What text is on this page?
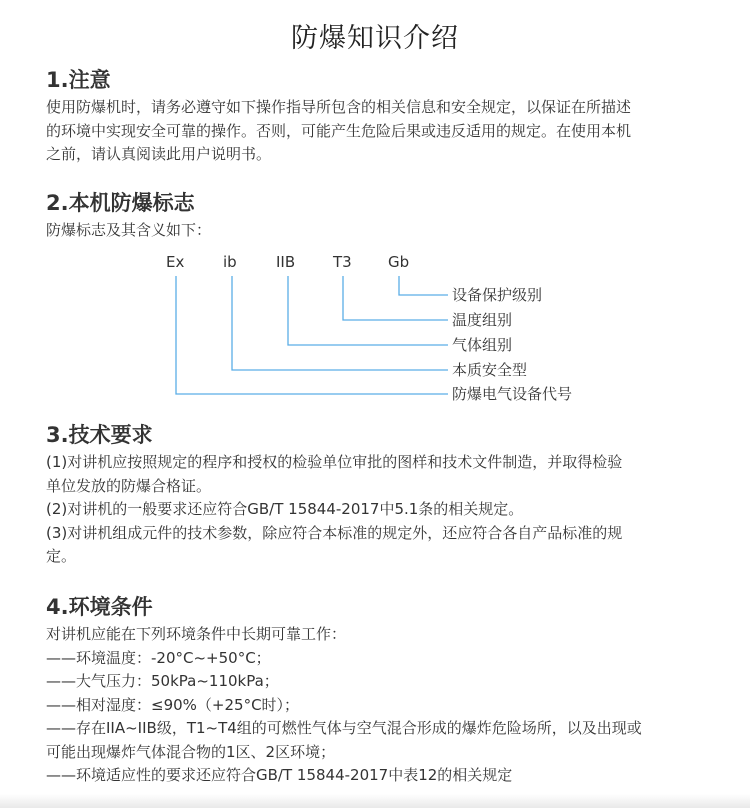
防爆知识介绍
1.注意
使用防爆机时，请务必遵守如下操作指导所包含的相关信息和安全规定，以保证在所描述
的环境中实现安全可靠的操作。否则，可能产生危险后果或违反适用的规定。在使用本机
之前，请认真阅读此用户说明书。
2.本机防爆标志
防爆标志及其含义如下：
Ex	ib	IIB	T3 Gb
设备保护级别
温度组别
气体组别
本质安全型
防爆电气设备代号
3.技术要求
(1)对讲机应按照规定的程序和授权的检验单位审批的图样和技术文件制造，并取得检验
单位发放的防爆合格证。
(2)对讲机的一般要求还应符合GB/T 15844-2017中5.1条的相关规定。
(3)对讲机组成元件的技术参数，除应符合本标准的规定外，还应符合各自产品标准的规
定。
4.环境条件
对讲机应能在下列环境条件中长期可靠工作：
——环境温度：-20°C~+50°C；
——大气压力：50kPa~110kPa；
——相对湿度：≤90%（+25°C时）；
——存在IIA~IIB级，T1~T4组的可燃性气体与空气混合形成的爆炸危险场所，以及出现或
可能出现爆炸气体混合物的1区、2区环境；
——环境适应性的要求还应符合GB/T 15844-2017中表12的相关规定
